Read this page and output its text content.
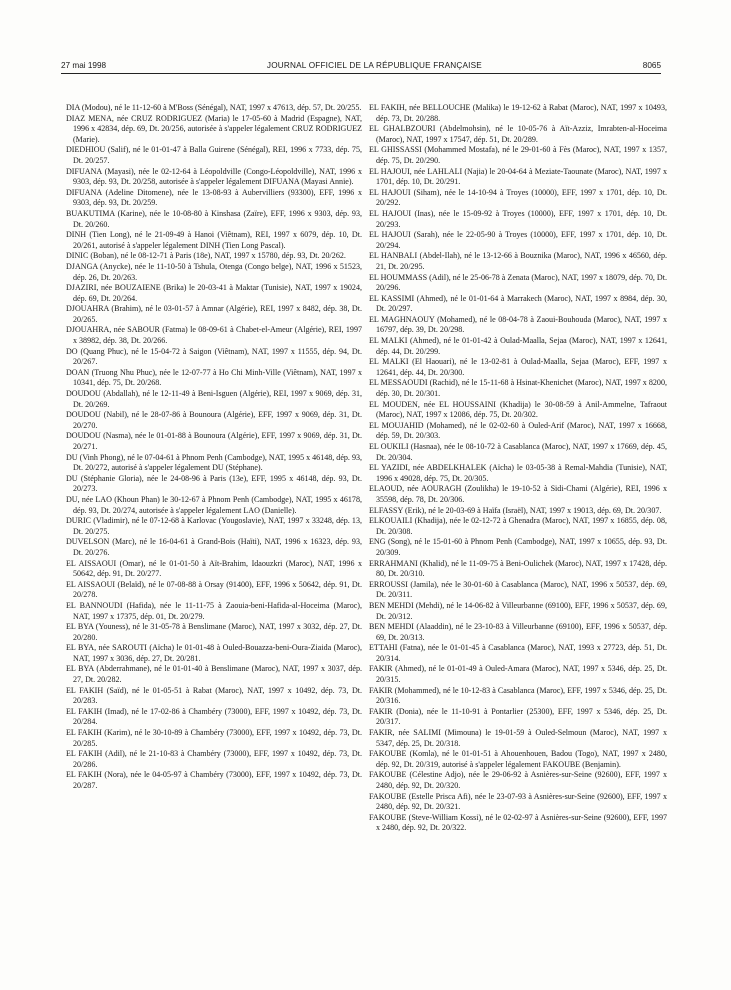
27 mai 1998	JOURNAL OFFICIEL DE LA RÉPUBLIQUE FRANÇAISE	8065

DIA (Modou), né le 11-12-60 à M'Boss (Sénégal), NAT, 1997 x 47613, dép. 57, Dt. 20/255.

DIAZ MENA, née CRUZ RODRIGUEZ (Maria) le 17-05-60 à Madrid (Espagne), NAT, 1996 x 42834, dép. 69, Dt. 20/256, autorisée à s'appeler légalement CRUZ RODRIGUEZ (Marie).

DIEDHIOU (Salif), né le 01-01-47 à Balla Guirene (Sénégal), REI, 1996 x 7733, dép. 75, Dt. 20/257.

DIFUANA (Mayasi), née le 02-12-64 à Léopoldville (Congo-Léopoldville), NAT, 1996 x 9303, dép. 93, Dt. 20/258, autorisée à s'appeler légalement DIFUANA (Mayasi Annie).

DIFUANA (Adeline Ditomene), née le 13-08-93 à Aubervilliers (93300), EFF, 1996 x 9303, dép. 93, Dt. 20/259.

BUAKUTIMA (Karine), née le 10-08-80 à Kinshasa (Zaïre), EFF, 1996 x 9303, dép. 93, Dt. 20/260.

DINH (Tien Long), né le 21-09-49 à Hanoi (Viêtnam), REI, 1997 x 6079, dép. 10, Dt. 20/261, autorisé à s'appeler légalement DINH (Tien Long Pascal).

DINIC (Boban), né le 08-12-71 à Paris (18e), NAT, 1997 x 15780, dép. 93, Dt. 20/262.

DJANGA (Anycke), née le 11-10-50 à Tshula, Otenga (Congo belge), NAT, 1996 x 51523, dép. 26, Dt. 20/263.

DJAZIRI, née BOUZAIENE (Brika) le 20-03-41 à Maktar (Tunisie), NAT, 1997 x 19024, dép. 69, Dt. 20/264.

DJOUAHRA (Brahim), né le 03-01-57 à Amnar (Algérie), REI, 1997 x 8482, dép. 38, Dt. 20/265.

DJOUAHRA, née SABOUR (Fatma) le 08-09-61 à Chabet-el-Ameur (Algérie), REI, 1997 x 38982, dép. 38, Dt. 20/266.

DO (Quang Phuc), né le 15-04-72 à Saigon (Viêtnam), NAT, 1997 x 11555, dép. 94, Dt. 20/267.

DOAN (Truong Nhu Phuc), née le 12-07-77 à Ho Chi Minh-Ville (Viêtnam), NAT, 1997 x 10341, dép. 75, Dt. 20/268.

DOUDOU (Abdallah), né le 12-11-49 à Beni-Isguen (Algérie), REI, 1997 x 9069, dép. 31, Dt. 20/269.

DOUDOU (Nabil), né le 28-07-86 à Bounoura (Algérie), EFF, 1997 x 9069, dép. 31, Dt. 20/270.

DOUDOU (Nasma), née le 01-01-88 à Bounoura (Algérie), EFF, 1997 x 9069, dép. 31, Dt. 20/271.

DU (Vinh Phong), né le 07-04-61 à Phnom Penh (Cambodge), NAT, 1995 x 46148, dép. 93, Dt. 20/272, autorisé à s'appeler légalement DU (Stéphane).

DU (Stéphanie Gloria), née le 24-08-96 à Paris (13e), EFF, 1995 x 46148, dép. 93, Dt. 20/273.

DU, née LAO (Khoun Phan) le 30-12-67 à Phnom Penh (Cambodge), NAT, 1995 x 46178, dép. 93, Dt. 20/274, autorisée à s'appeler légalement LAO (Danielle).

DURIC (Vladimir), né le 07-12-68 à Karlovac (Yougoslavie), NAT, 1997 x 33248, dép. 13, Dt. 20/275.

DUVELSON (Marc), né le 16-04-61 à Grand-Bois (Haïti), NAT, 1996 x 16323, dép. 93, Dt. 20/276.

EL AISSAOUI (Omar), né le 01-01-50 à Aït-Brahim, Idaouzkri (Maroc), NAT, 1996 x 50642, dép. 91, Dt. 20/277.

EL AISSAOUI (Belaïd), né le 07-08-88 à Orsay (91400), EFF, 1996 x 50642, dép. 91, Dt. 20/278.

EL BANNOUDI (Hafida), née le 11-11-75 à Zaouia-beni-Hafida-al-Hoceima (Maroc), NAT, 1997 x 17375, dép. 01, Dt. 20/279.

EL BYA (Youness), né le 31-05-78 à Benslimane (Maroc), NAT, 1997 x 3032, dép. 27, Dt. 20/280.

EL BYA, née SAROUTI (Aïcha) le 01-01-48 à Ouled-Bouazza-beni-Oura-Ziaida (Maroc), NAT, 1997 x 3036, dép. 27, Dt. 20/281.

EL BYA (Abderrahmane), né le 01-01-40 à Benslimane (Maroc), NAT, 1997 x 3037, dép. 27, Dt. 20/282.

EL FAKIH (Saïd), né le 01-05-51 à Rabat (Maroc), NAT, 1997 x 10492, dép. 73, Dt. 20/283.

EL FAKIH (Imad), né le 17-02-86 à Chambéry (73000), EFF, 1997 x 10492, dép. 73, Dt. 20/284.

EL FAKIH (Karim), né le 30-10-89 à Chambéry (73000), EFF, 1997 x 10492, dép. 73, Dt. 20/285.

EL FAKIH (Adil), né le 21-10-83 à Chambéry (73000), EFF, 1997 x 10492, dép. 73, Dt. 20/286.

EL FAKIH (Nora), née le 04-05-97 à Chambéry (73000), EFF, 1997 x 10492, dép. 73, Dt. 20/287.

EL FAKIH, née BELLOUCHE (Malika) le 19-12-62 à Rabat (Maroc), NAT, 1997 x 10493, dép. 73, Dt. 20/288.

EL GHALBZOURI (Abdelmohsin), né le 10-05-76 à Aït-Azziz, Imrabten-al-Hoceima (Maroc), NAT, 1997 x 17547, dép. 51, Dt. 20/289.

EL GHISSASSI (Mohammed Mostafa), né le 29-01-60 à Fès (Maroc), NAT, 1997 x 1357, dép. 75, Dt. 20/290.

EL HAJOUI, née LAHLALI (Najia) le 20-04-64 à Meziate-Taounate (Maroc), NAT, 1997 x 1701, dép. 10, Dt. 20/291.

EL HAJOUI (Siham), née le 14-10-94 à Troyes (10000), EFF, 1997 x 1701, dép. 10, Dt. 20/292.

EL HAJOUI (Inas), née le 15-09-92 à Troyes (10000), EFF, 1997 x 1701, dép. 10, Dt. 20/293.

EL HAJOUI (Sarah), née le 22-05-90 à Troyes (10000), EFF, 1997 x 1701, dép. 10, Dt. 20/294.

EL HANBALI (Abdel-Ilah), né le 13-12-66 à Bouznika (Maroc), NAT, 1996 x 46560, dép. 21, Dt. 20/295.

EL HOUMMASS (Adil), né le 25-06-78 à Zenata (Maroc), NAT, 1997 x 18079, dép. 70, Dt. 20/296.

EL KASSIMI (Ahmed), né le 01-01-64 à Marrakech (Maroc), NAT, 1997 x 8984, dép. 30, Dt. 20/297.

EL MAGHNAOUY (Mohamed), né le 08-04-78 à Zaoui-Bouhouda (Maroc), NAT, 1997 x 16797, dép. 39, Dt. 20/298.

EL MALKI (Ahmed), né le 01-01-42 à Oulad-Maalla, Sejaa (Maroc), NAT, 1997 x 12641, dép. 44, Dt. 20/299.

EL MALKI (El Haouari), né le 13-02-81 à Oulad-Maalla, Sejaa (Maroc), EFF, 1997 x 12641, dép. 44, Dt. 20/300.

EL MESSAOUDI (Rachid), né le 15-11-68 à Hsinat-Khenichet (Maroc), NAT, 1997 x 8200, dép. 30, Dt. 20/301.

EL MOUDEN, née EL HOUSSAINI (Khadija) le 30-08-59 à Anil-Ammelne, Tafraout (Maroc), NAT, 1997 x 12086, dép. 75, Dt. 20/302.

EL MOUJAHID (Mohamed), né le 02-02-60 à Ouled-Arif (Maroc), NAT, 1997 x 16668, dép. 59, Dt. 20/303.

EL OUKILI (Hasnaa), née le 08-10-72 à Casablanca (Maroc), NAT, 1997 x 17669, dép. 45, Dt. 20/304.

EL YAZIDI, née ABDELKHALEK (Aïcha) le 03-05-38 à Remal-Mahdia (Tunisie), NAT, 1996 x 49028, dép. 75, Dt. 20/305.

ELAOUD, née AOURAGH (Zoulikha) le 19-10-52 à Sidi-Chami (Algérie), REI, 1996 x 35598, dép. 78, Dt. 20/306.

ELFASSY (Erik), né le 20-03-69 à Haïfa (Israël), NAT, 1997 x 19013, dép. 69, Dt. 20/307.

ELKOUAILI (Khadija), née le 02-12-72 à Ghenadra (Maroc), NAT, 1997 x 16855, dép. 08, Dt. 20/308.

ENG (Song), né le 15-01-60 à Phnom Penh (Cambodge), NAT, 1997 x 10655, dép. 93, Dt. 20/309.

ERRAHMANI (Khalid), né le 11-09-75 à Beni-Oulichek (Maroc), NAT, 1997 x 17428, dép. 80, Dt. 20/310.

ERROUSSI (Jamila), née le 30-01-60 à Casablanca (Maroc), NAT, 1996 x 50537, dép. 69, Dt. 20/311.

BEN MEHDI (Mehdi), né le 14-06-82 à Villeurbanne (69100), EFF, 1996 x 50537, dép. 69, Dt. 20/312.

BEN MEHDI (Alaaddin), né le 23-10-83 à Villeurbanne (69100), EFF, 1996 x 50537, dép. 69, Dt. 20/313.

ETTAHI (Fatna), née le 01-01-45 à Casablanca (Maroc), NAT, 1993 x 27723, dép. 51, Dt. 20/314.

FAKIR (Ahmed), né le 01-01-49 à Ouled-Amara (Maroc), NAT, 1997 x 5346, dép. 25, Dt. 20/315.

FAKIR (Mohammed), né le 10-12-83 à Casablanca (Maroc), EFF, 1997 x 5346, dép. 25, Dt. 20/316.

FAKIR (Donia), née le 11-10-91 à Pontarlier (25300), EFF, 1997 x 5346, dép. 25, Dt. 20/317.

FAKIR, née SALIMI (Mimouna) le 19-01-59 à Ouled-Selmoun (Maroc), NAT, 1997 x 5347, dép. 25, Dt. 20/318.

FAKOUBE (Komla), né le 01-01-51 à Ahouenhouen, Badou (Togo), NAT, 1997 x 2480, dép. 92, Dt. 20/319, autorisé à s'appeler légalement FAKOUBE (Benjamin).

FAKOUBE (Célestine Adjo), née le 29-06-92 à Asnières-sur-Seine (92600), EFF, 1997 x 2480, dép. 92, Dt. 20/320.

FAKOUBE (Estelle Prisca Afi), née le 23-07-93 à Asnières-sur-Seine (92600), EFF, 1997 x 2480, dép. 92, Dt. 20/321.

FAKOUBE (Steve-William Kossi), né le 02-02-97 à Asnières-sur-Seine (92600), EFF, 1997 x 2480, dép. 92, Dt. 20/322.
